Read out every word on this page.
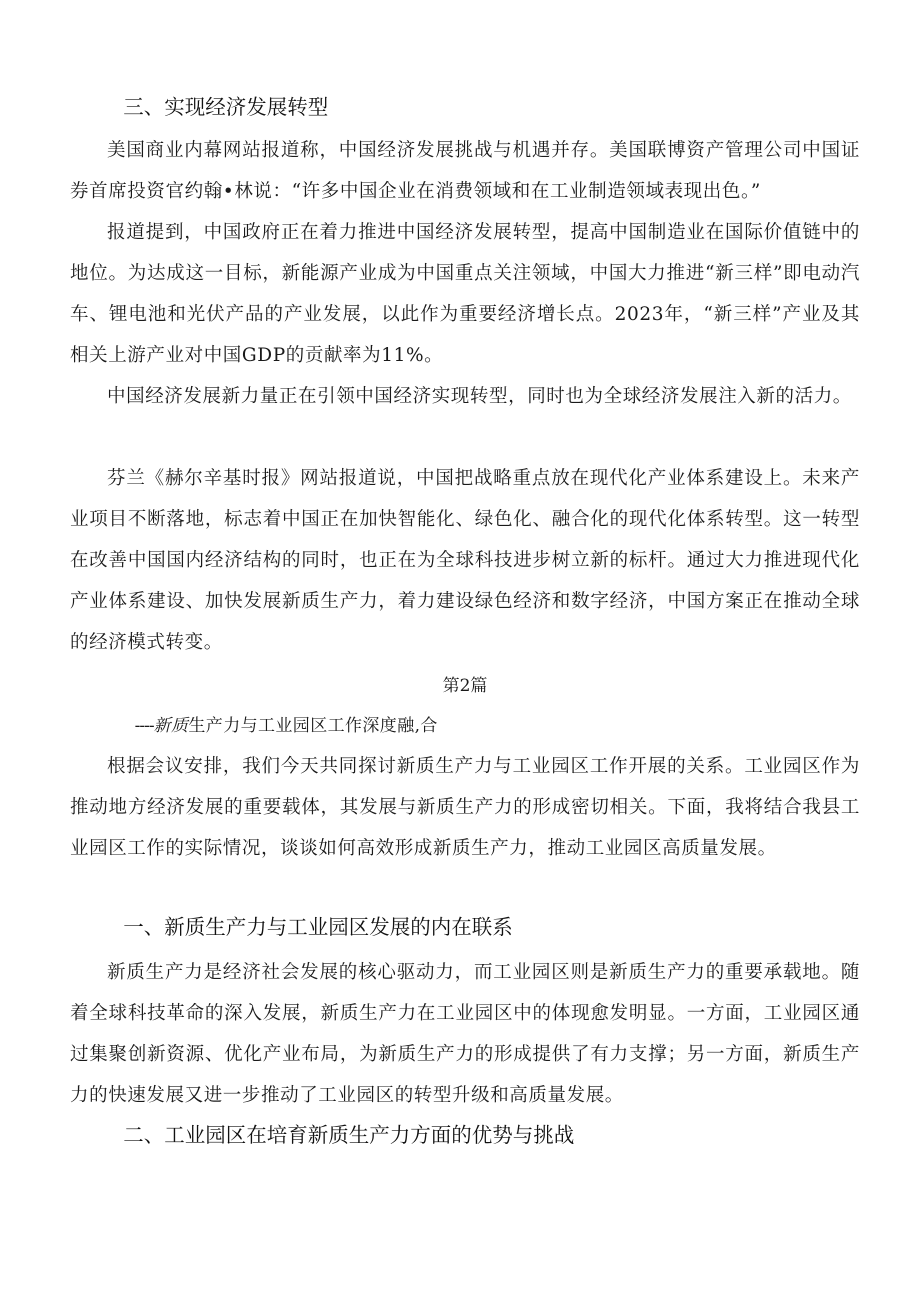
三、实现经济发展转型

美国商业内幕网站报道称，中国经济发展挑战与机遇并存。美国联博资产管理公司中国证券首席投资官约翰•林说：“许多中国企业在消费领域和在工业制造领域表现出色。”

报道提到，中国政府正在着力推进中国经济发展转型，提高中国制造业在国际价值链中的地位。为达成这一目标，新能源产业成为中国重点关注领域，中国大力推进“新三样”即电动汽车、锂电池和光伏产品的产业发展，以此作为重要经济增长点。2023年，“新三样”产业及其相关上游产业对中国GDP的贡献率为11%。

中国经济发展新力量正在引领中国经济实现转型，同时也为全球经济发展注入新的活力。

芬兰《赫尔辛基时报》网站报道说，中国把战略重点放在现代化产业体系建设上。未来产业项目不断落地，标志着中国正在加快智能化、绿色化、融合化的现代化体系转型。这一转型在改善中国国内经济结构的同时，也正在为全球科技进步树立新的标杆。通过大力推进现代化产业体系建设、加快发展新质生产力，着力建设绿色经济和数字经济，中国方案正在推动全球的经济模式转变。

第2篇

----新质生产力与工业园区工作深度融,合

根据会议安排，我们今天共同探讨新质生产力与工业园区工作开展的关系。工业园区作为推动地方经济发展的重要载体，其发展与新质生产力的形成密切相关。下面，我将结合我县工业园区工作的实际情况，谈谈如何高效形成新质生产力，推动工业园区高质量发展。

一、新质生产力与工业园区发展的内在联系

新质生产力是经济社会发展的核心驱动力，而工业园区则是新质生产力的重要承载地。随着全球科技革命的深入发展，新质生产力在工业园区中的体现愈发明显。一方面，工业园区通过集聚创新资源、优化产业布局，为新质生产力的形成提供了有力支撑；另一方面，新质生产力的快速发展又进一步推动了工业园区的转型升级和高质量发展。

二、工业园区在培育新质生产力方面的优势与挑战
